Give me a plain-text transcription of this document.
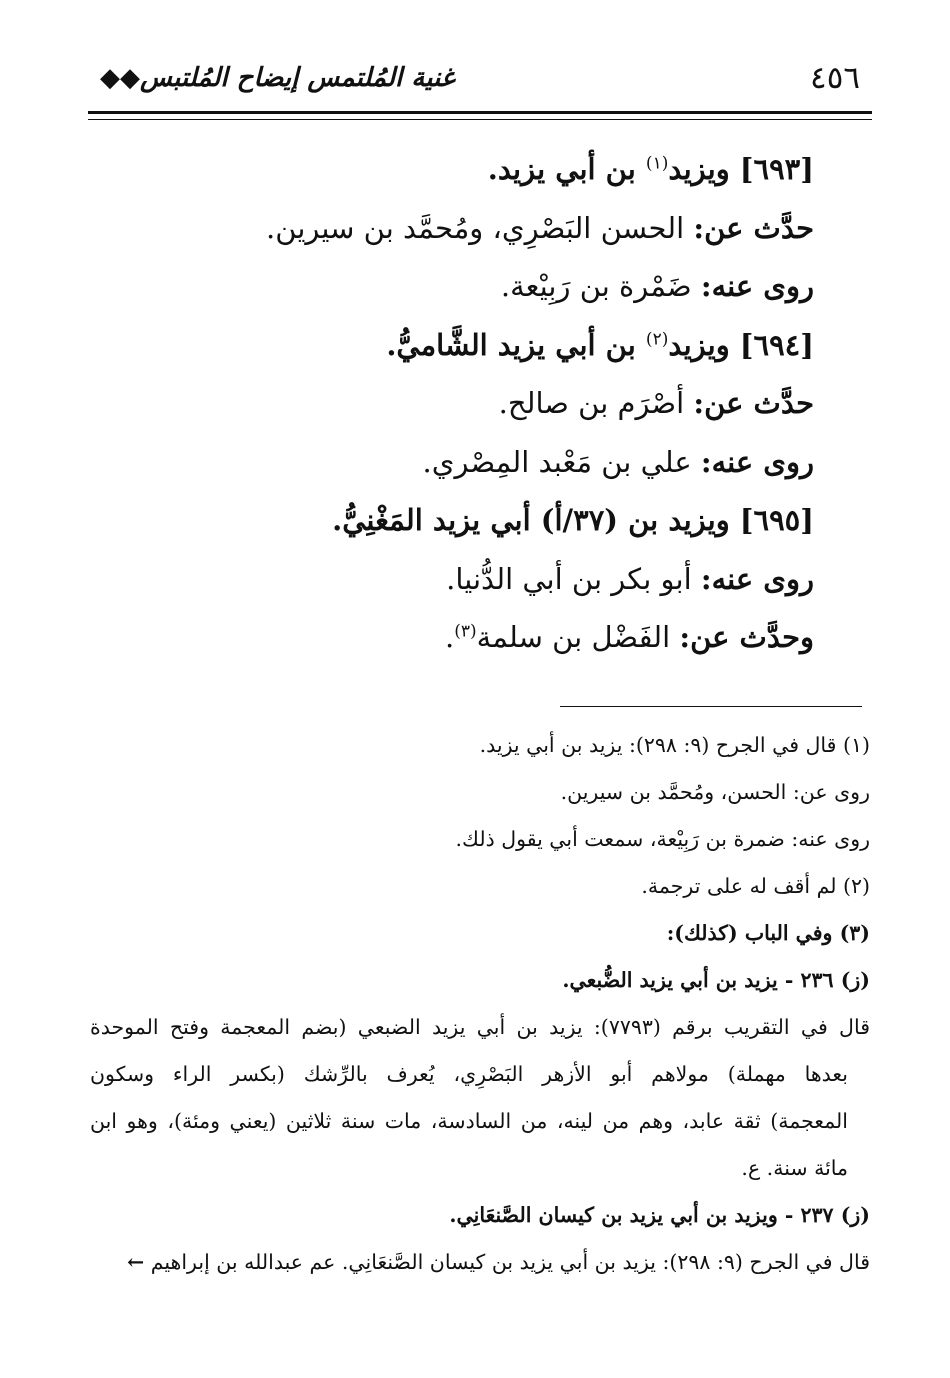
٤٥٦
غنية المُلتمس إيضاح المُلتبس◆◆
[٦٩٣] ويزيد$^{(١)}$ بن أبي يزيد.
حدَّث عن: الحسن البَصْرِي، ومُحمَّد بن سيرين.
روى عنه: ضَمْرة بن رَبِيْعة.
[٦٩٤] ويزيد$^{(٢)}$ بن أبي يزيد الشَّاميُّ.
حدَّث عن: أصْرَم بن صالح.
روى عنه: علي بن مَعْبد المِصْري.
[٦٩٥] ويزيد بن (٣٧/أ) أبي يزيد المَغْنِيُّ.
روى عنه: أبو بكر بن أبي الدُّنيا.
وحدَّث عن: الفَضْل بن سلمة$^{(٣)}$.
(١) قال في الجرح (٩: ٢٩٨): يزيد بن أبي يزيد.
روى عن: الحسن، ومُحمَّد بن سيرين.
روى عنه: ضمرة بن رَبِيْعة، سمعت أبي يقول ذلك.
(٢) لم أقف له على ترجمة.
(٣) وفي الباب (كذلك):
(ز) ٢٣٦ - يزيد بن أبي يزيد الضُّبعي.
قال في التقريب برقم (٧٧٩٣): يزيد بن أبي يزيد الضبعي (بضم المعجمة وفتح الموحدة
بعدها مهملة) مولاهم أبو الأزهر البَصْرِي، يُعرف بالرِّشك (بكسر الراء وسكون
المعجمة) ثقة عابد، وهم من لينه، من السادسة، مات سنة ثلاثين (يعني ومئة)، وهو ابن
مائة سنة. ع.
(ز) ٢٣٧ - ويزيد بن أبي يزيد بن كيسان الصَّنعَانِي.
قال في الجرح (٩: ٢٩٨): يزيد بن أبي يزيد بن كيسان الصَّنعَانِي. عم عبدالله بن إبراهيم ←
